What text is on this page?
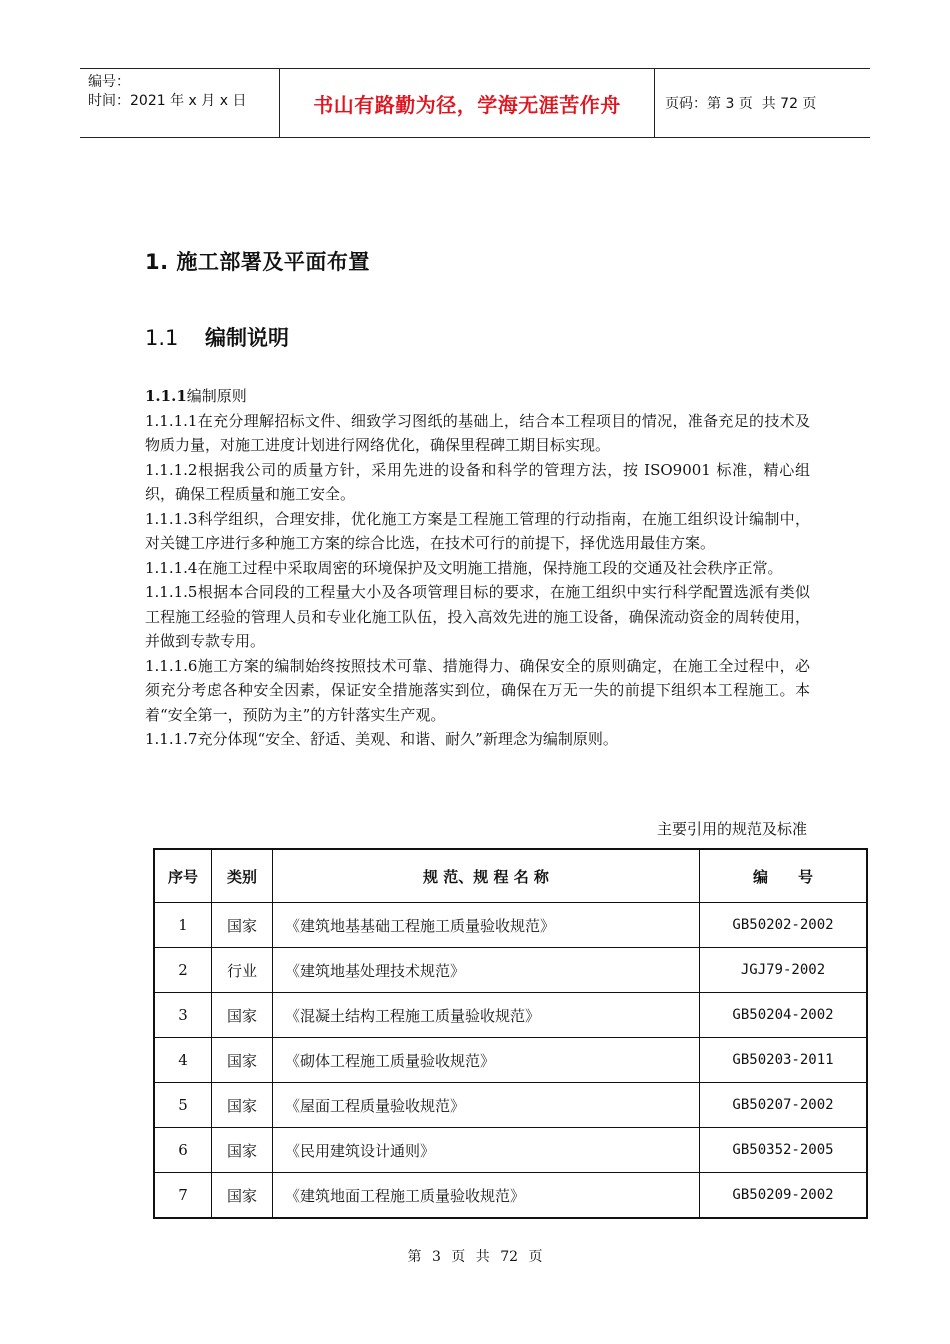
编号：
时间：2021 年 x 月 x 日	书山有路勤为径，学海无涯苦作舟	页码：第 3 页  共 72 页
1. 施工部署及平面布置
1.1 编制说明

1.1.1编制原则

1.1.1.1在充分理解招标文件、细致学习图纸的基础上，结合本工程项目的情况，准备充足的技术及物质力量，对施工进度计划进行网络优化，确保里程碑工期目标实现。

1.1.1.2根据我公司的质量方针，采用先进的设备和科学的管理方法，按 ISO9001 标准，精心组织，确保工程质量和施工安全。

1.1.1.3科学组织，合理安排，优化施工方案是工程施工管理的行动指南，在施工组织设计编制中，对关键工序进行多种施工方案的综合比选，在技术可行的前提下，择优选用最佳方案。

1.1.1.4在施工过程中采取周密的环境保护及文明施工措施，保持施工段的交通及社会秩序正常。

1.1.1.5根据本合同段的工程量大小及各项管理目标的要求，在施工组织中实行科学配置选派有类似工程施工经验的管理人员和专业化施工队伍，投入高效先进的施工设备，确保流动资金的周转使用，并做到专款专用。

1.1.1.6施工方案的编制始终按照技术可靠、措施得力、确保安全的原则确定，在施工全过程中，必须充分考虑各种安全因素，保证安全措施落实到位，确保在万无一失的前提下组织本工程施工。本着“安全第一，预防为主”的方针落实生产观。

1.1.1.7充分体现“安全、舒适、美观、和谐、耐久”新理念为编制原则。

主要引用的规范及标准
序号	类别	规 范、规 程 名 称	编　　号
1	国家	《建筑地基基础工程施工质量验收规范》	GB50202-2002
2	行业	《建筑地基处理技术规范》	JGJ79-2002
3	国家	《混凝土结构工程施工质量验收规范》	GB50204-2002
4	国家	《砌体工程施工质量验收规范》	GB50203-2011
5	国家	《屋面工程质量验收规范》	GB50207-2002
6	国家	《民用建筑设计通则》	GB50352-2005
7	国家	《建筑地面工程施工质量验收规范》	GB50209-2002
第 3 页 共 72 页
